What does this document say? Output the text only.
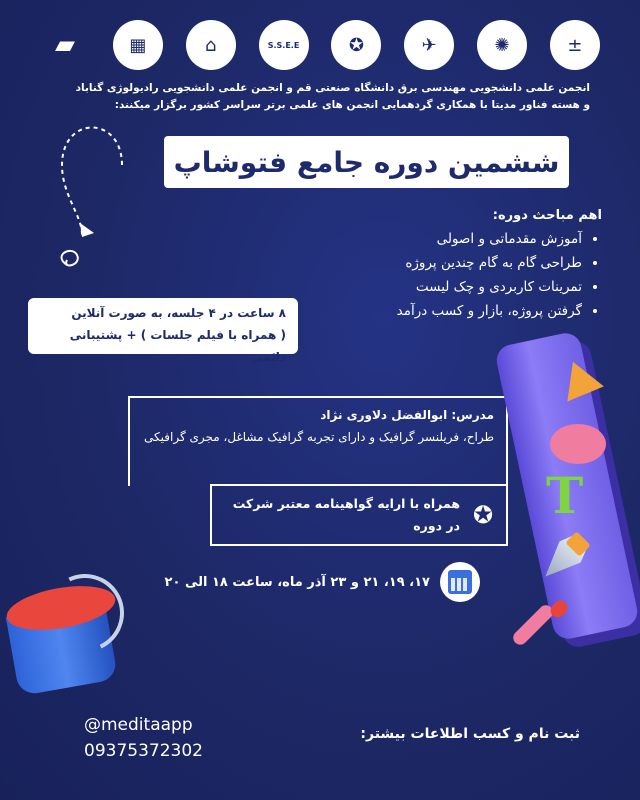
▰	▦	⌂	S.S.E.E	✪	✈	✺	±
انجمن علمی دانشجویی مهندسی برق دانشگاه صنعتی قم و انجمن علمی دانشجویی رادیولوژی گناباد و هسته فناور مدیتا با همکاری گردهمایی انجمن های علمی برتر سراسر کشور برگزار میکنند:
ششمین دوره جامع فتوشاپ
اهم مباحث دوره:
• آموزش مقدماتی و اصولی
• طراحی گام به گام چندین پروژه
• تمرینات کاربردی و چک لیست
• گرفتن پروژه، بازار و کسب درآمد
۸ ساعت در ۴ جلسه، به صورت آنلاین
( همراه با فیلم جلسات ) + پشتیبانی دائمی
مدرس: ابوالفضل دلاوری نژاد
طراح، فریلنسر گرافیک و دارای تجربه گرافیک مشاغل، مجری گرافیکی
✪
همراه با ارایه گواهینامه معتبر شرکت در دوره
۱۷، ۱۹، ۲۱ و ۲۳ آذر ماه، ساعت ۱۸ الی ۲۰
T
@meditaapp
09375372302
ثبت نام و کسب اطلاعات بیشتر:
